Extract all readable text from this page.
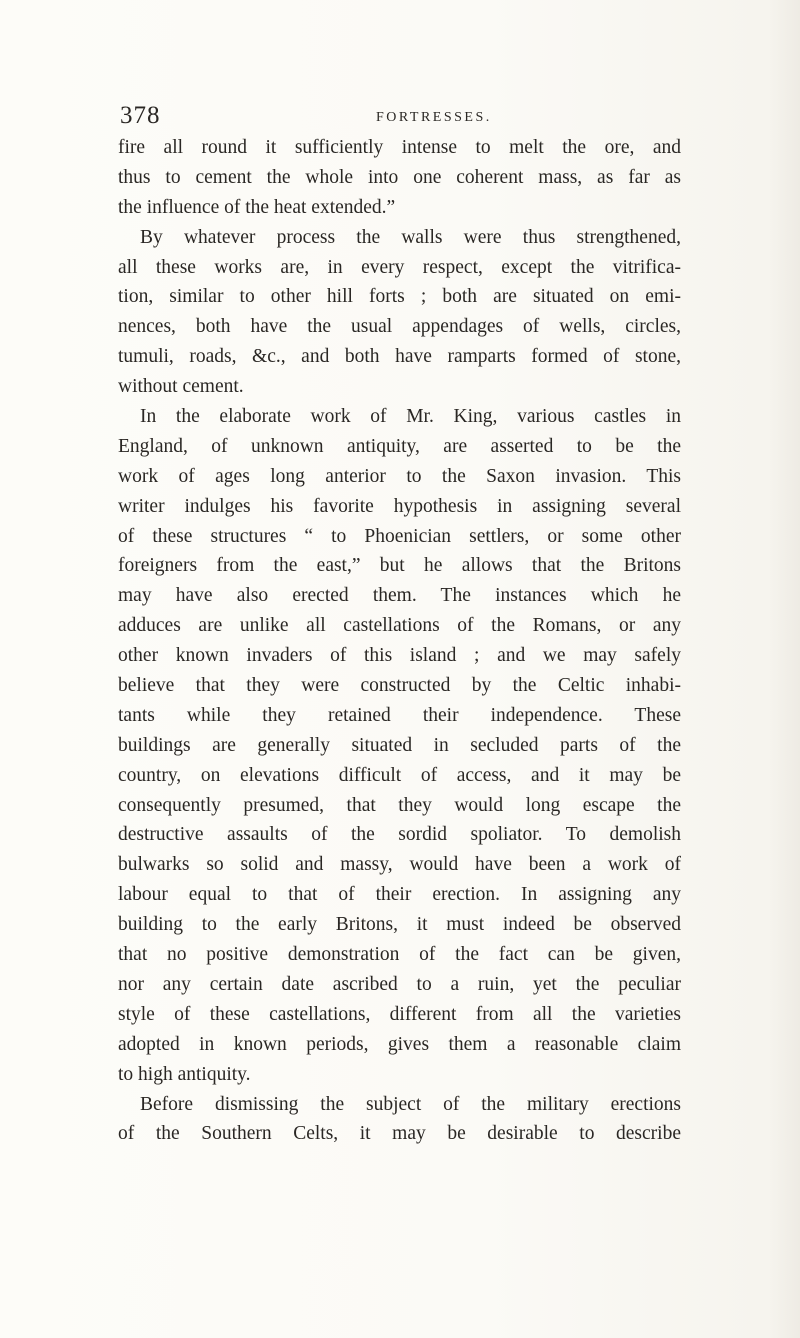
378	FORTRESSES.
fire all round it sufficiently intense to melt the ore, and
thus to cement the whole into one coherent mass, as far as
the influence of the heat extended.”
By whatever process the walls were thus strengthened,
all these works are, in every respect, except the vitrifica-
tion, similar to other hill forts ; both are situated on emi-
nences, both have the usual appendages of wells, circles,
tumuli, roads, &c., and both have ramparts formed of stone,
without cement.
In the elaborate work of Mr. King, various castles in
England, of unknown antiquity, are asserted to be the
work of ages long anterior to the Saxon invasion. This
writer indulges his favorite hypothesis in assigning several
of these structures “ to Phoenician settlers, or some other
foreigners from the east,” but he allows that the Britons
may have also erected them. The instances which he
adduces are unlike all castellations of the Romans, or any
other known invaders of this island ; and we may safely
believe that they were constructed by the Celtic inhabi-
tants while they retained their independence. These
buildings are generally situated in secluded parts of the
country, on elevations difficult of access, and it may be
consequently presumed, that they would long escape the
destructive assaults of the sordid spoliator. To demolish
bulwarks so solid and massy, would have been a work of
labour equal to that of their erection. In assigning any
building to the early Britons, it must indeed be observed
that no positive demonstration of the fact can be given,
nor any certain date ascribed to a ruin, yet the peculiar
style of these castellations, different from all the varieties
adopted in known periods, gives them a reasonable claim
to high antiquity.
Before dismissing the subject of the military erections
of the Southern Celts, it may be desirable to describe
